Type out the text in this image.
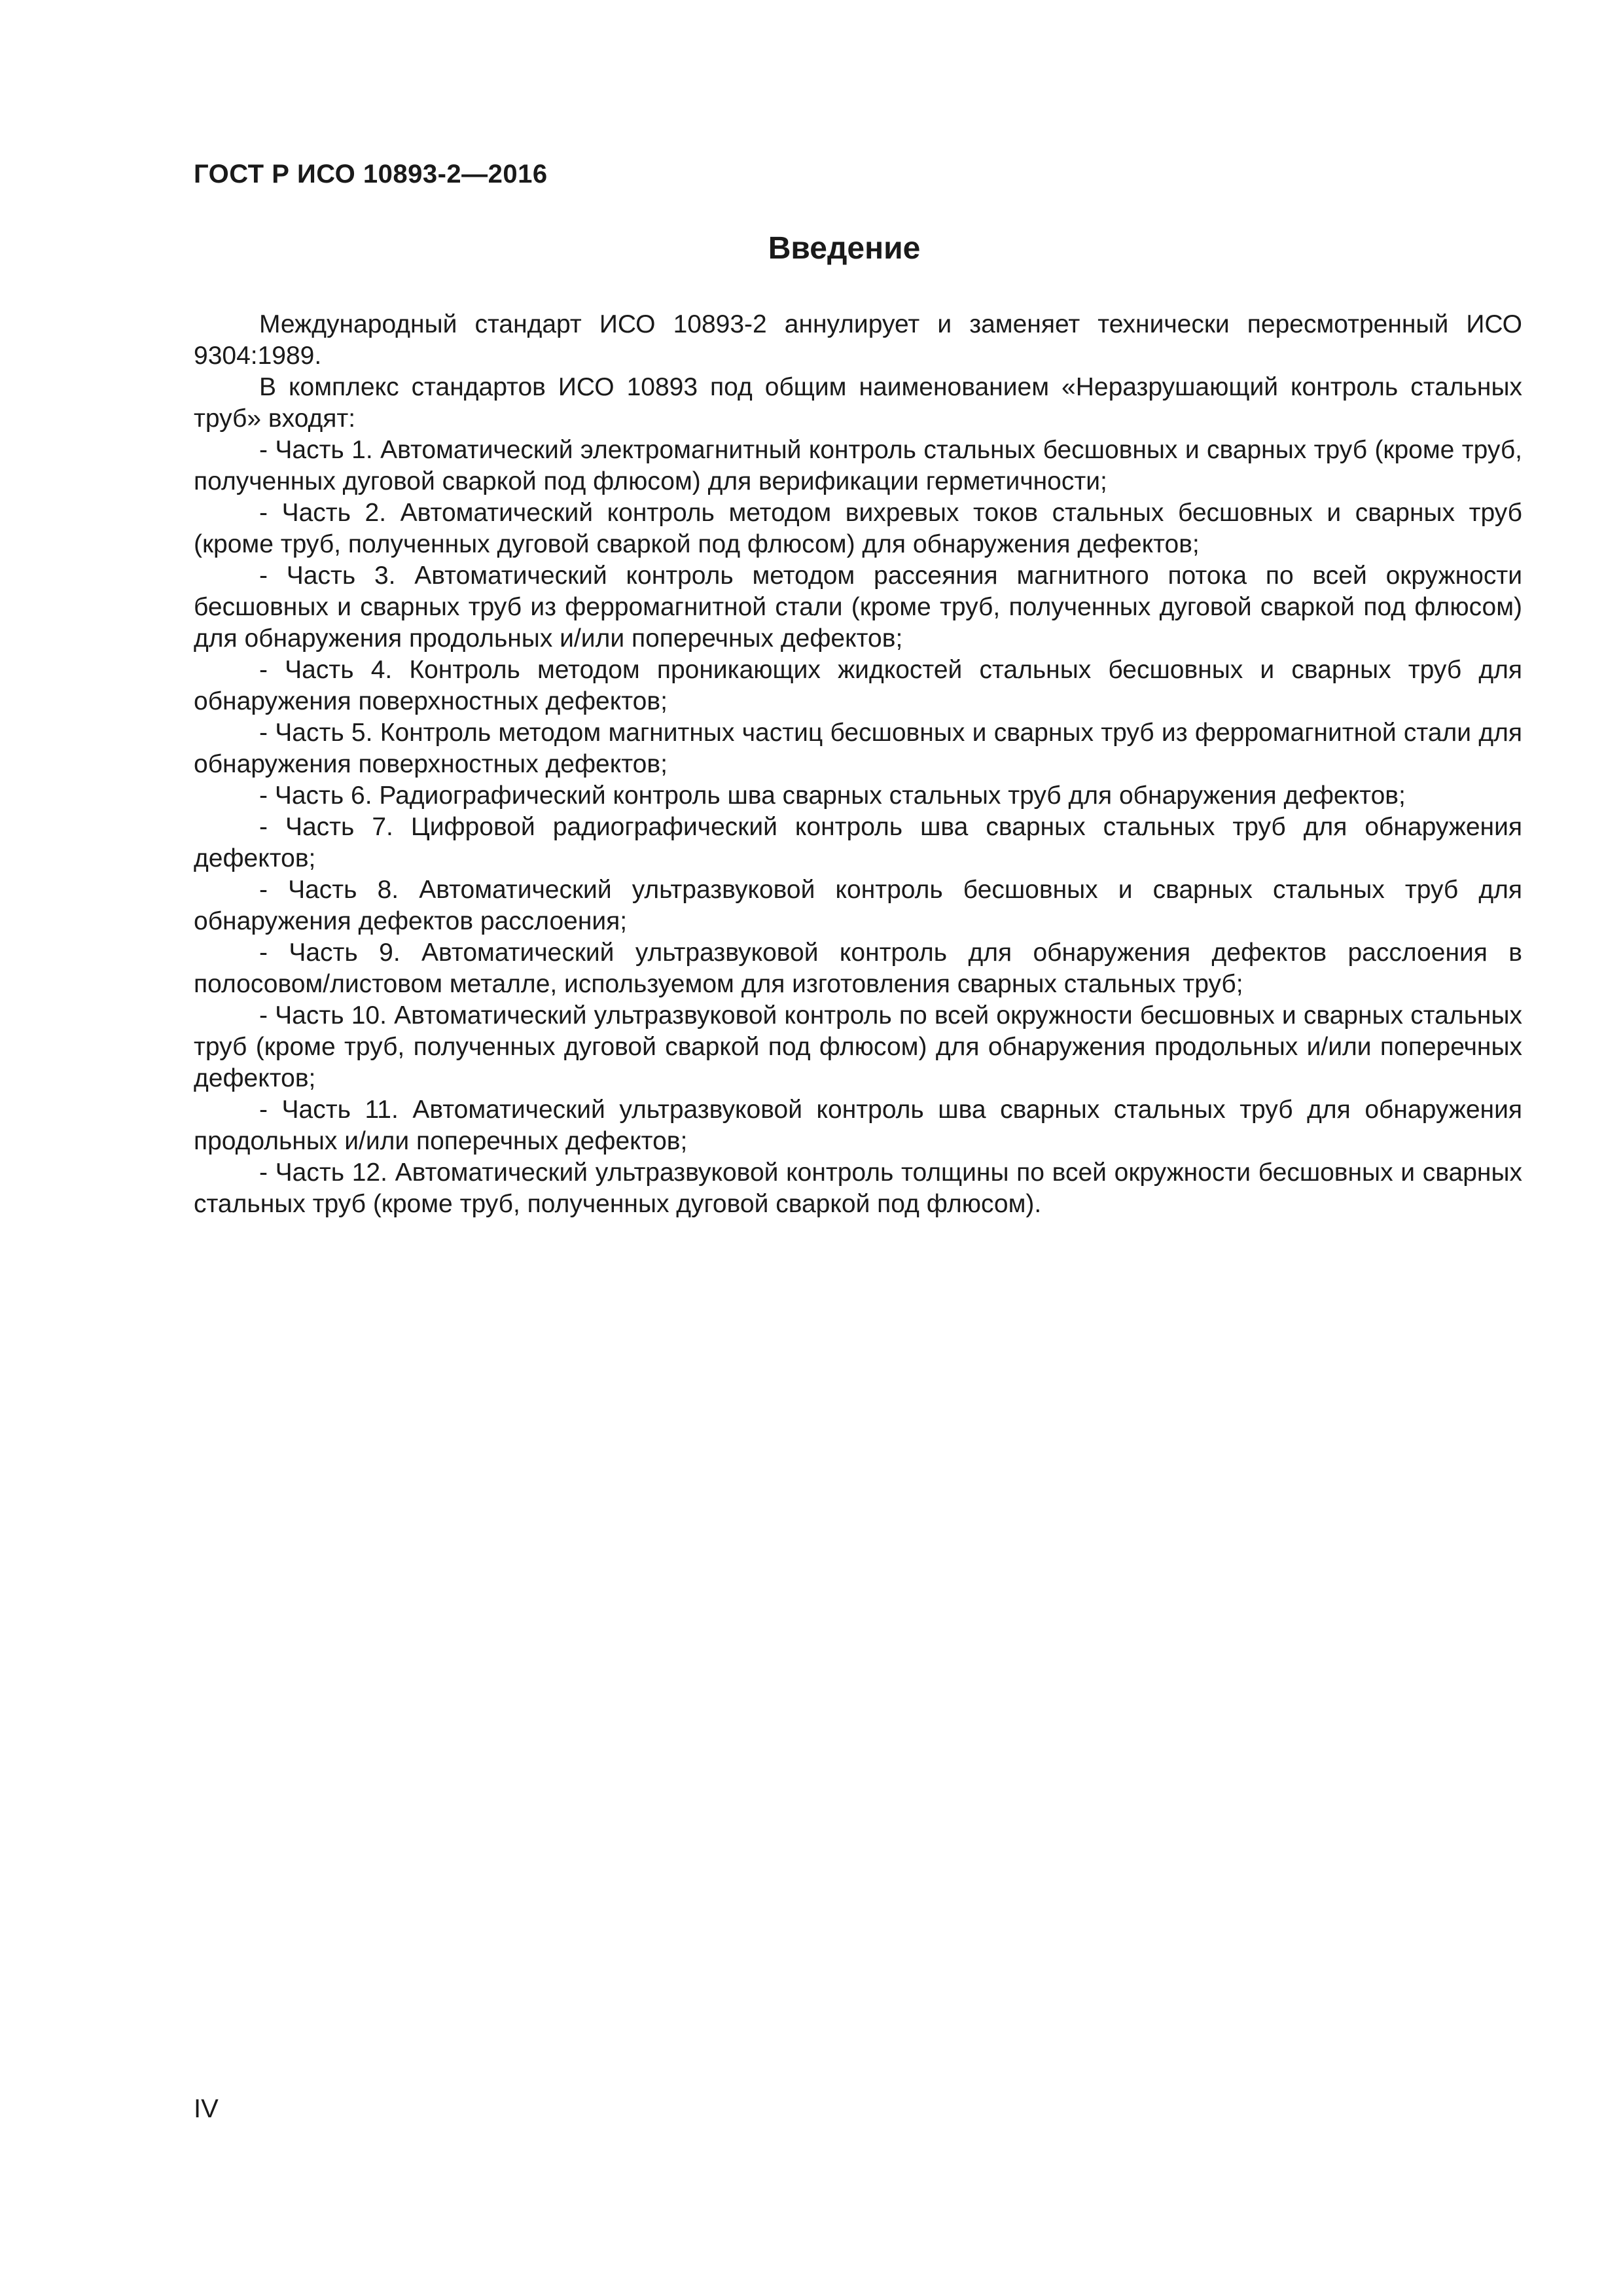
ГОСТ Р ИСО 10893-2—2016
Введение

Международный стандарт ИСО 10893-2 аннулирует и заменяет технически пересмотренный ИСО 9304:1989.

В комплекс стандартов ИСО 10893 под общим наименованием «Неразрушающий контроль стальных труб» входят:

- Часть 1. Автоматический электромагнитный контроль стальных бесшовных и сварных труб (кроме труб, полученных дуговой сваркой под флюсом) для верификации герметичности;

- Часть 2. Автоматический контроль методом вихревых токов стальных бесшовных и сварных труб (кроме труб, полученных дуговой сваркой под флюсом) для обнаружения дефектов;

- Часть 3. Автоматический контроль методом рассеяния магнитного потока по всей окружности бесшовных и сварных труб из ферромагнитной стали (кроме труб, полученных дуговой сваркой под флюсом) для обнаружения продольных и/или поперечных дефектов;

- Часть 4. Контроль методом проникающих жидкостей стальных бесшовных и сварных труб для обнаружения поверхностных дефектов;

- Часть 5. Контроль методом магнитных частиц бесшовных и сварных труб из ферромагнитной стали для обнаружения поверхностных дефектов;

- Часть 6. Радиографический контроль шва сварных стальных труб для обнаружения дефектов;

- Часть 7. Цифровой радиографический контроль шва сварных стальных труб для обнаружения дефектов;

- Часть 8. Автоматический ультразвуковой контроль бесшовных и сварных стальных труб для обнаружения дефектов расслоения;

- Часть 9. Автоматический ультразвуковой контроль для обнаружения дефектов расслоения в полосовом/листовом металле, используемом для изготовления сварных стальных труб;

- Часть 10. Автоматический ультразвуковой контроль по всей окружности бесшовных и сварных стальных труб (кроме труб, полученных дуговой сваркой под флюсом) для обнаружения продольных и/или поперечных дефектов;

- Часть 11. Автоматический ультразвуковой контроль шва сварных стальных труб для обнаружения продольных и/или поперечных дефектов;

- Часть 12. Автоматический ультразвуковой контроль толщины по всей окружности бесшовных и сварных стальных труб (кроме труб, полученных дуговой сваркой под флюсом).

IV
